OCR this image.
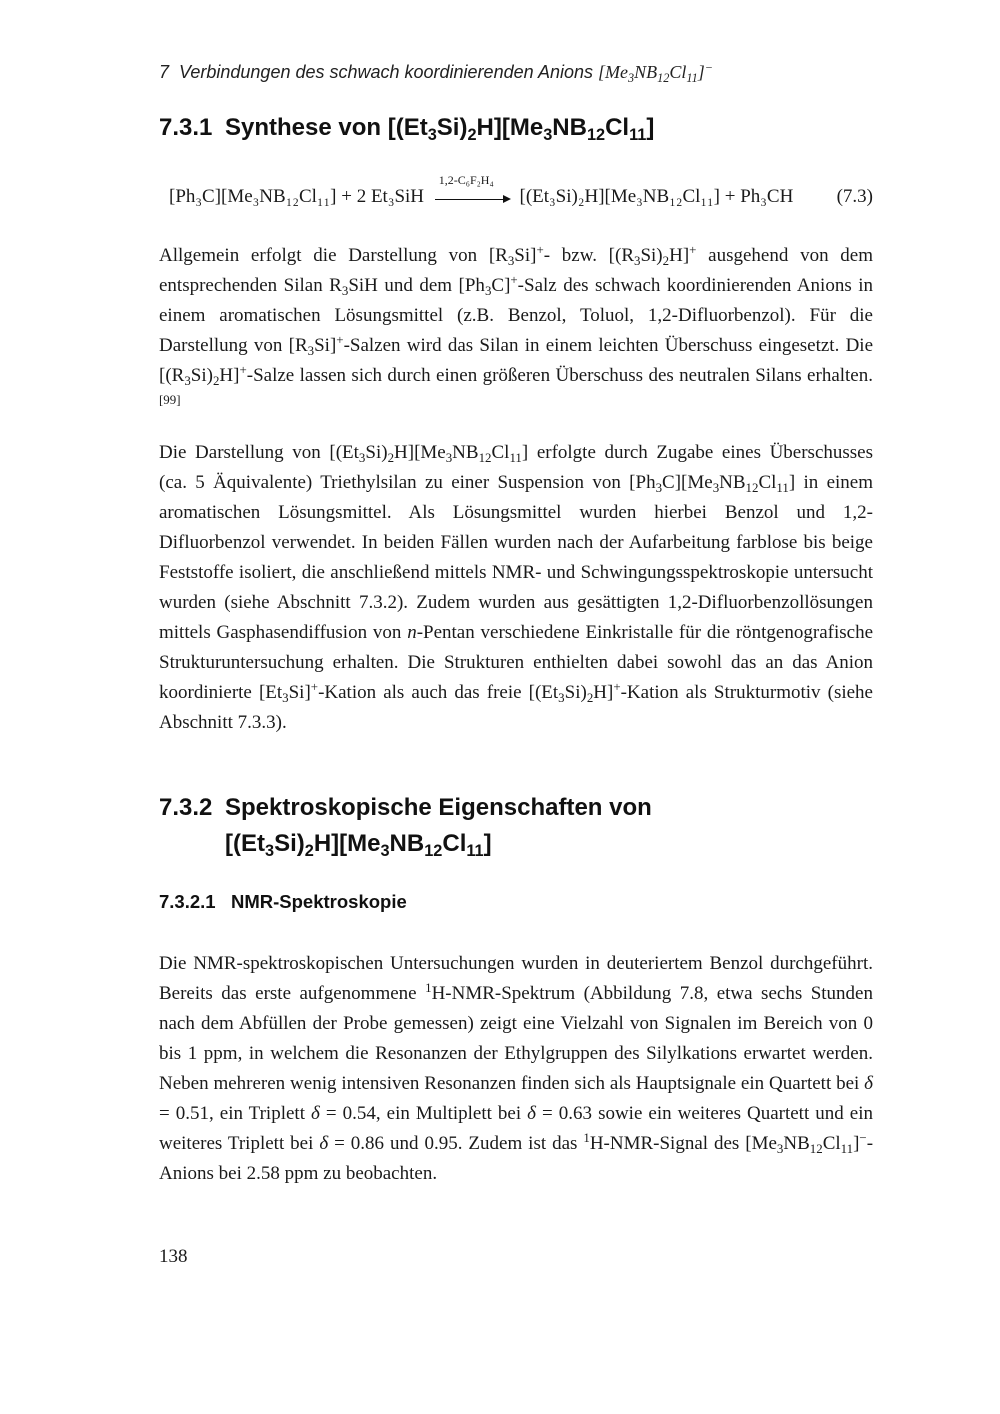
7 Verbindungen des schwach koordinierenden Anions $[Me_3NB_{12}Cl_{11}]^-$
7.3.1 Synthese von $[(Et_3Si)_2H][Me_3NB_{12}Cl_{11}]$
[Ph₃C][Me₃NB₁₂Cl₁₁] + 2 Et₃SiH
1,2-C₆F₂H₄
[(Et₃Si)₂H][Me₃NB₁₂Cl₁₁] + Ph₃CH (7.3)

Allgemein erfolgt die Darstellung von $[R_3Si]^+-$ bzw. $[(R_3Si)_2H]^+$ ausgehend von dem entsprechenden Silan $R_3SiH$ und dem $[Ph_3C]^+$-Salz des schwach koordinierenden Anions in einem aromatischen Lösungsmittel (z.B. Benzol, Toluol, 1,2-Difluorbenzol). Für die Darstellung von $[R_3Si]^+$-Salzen wird das Silan in einem leichten Überschuss eingesetzt. Die $[(R_3Si)_2H]^+$-Salze lassen sich durch einen größeren Überschuss des neutralen Silans erhalten.[99]

Die Darstellung von $[(Et_3Si)_2H][Me_3NB_{12}Cl_{11}]$ erfolgte durch Zugabe eines Überschusses (ca. 5 Äquivalente) Triethylsilan zu einer Suspension von $[Ph_3C][Me_3NB_{12}Cl_{11}]$ in einem aromatischen Lösungsmittel. Als Lösungsmittel wurden hierbei Benzol und 1,2-Difluorbenzol verwendet. In beiden Fällen wurden nach der Aufarbeitung farblose bis beige Feststoffe isoliert, die anschließend mittels NMR- und Schwingungsspektroskopie untersucht wurden (siehe Abschnitt 7.3.2). Zudem wurden aus gesättigten 1,2-Difluorbenzollösungen mittels Gasphasendiffusion von n-Pentan verschiedene Einkristalle für die röntgenografische Strukturuntersuchung erhalten. Die Strukturen enthielten dabei sowohl das an das Anion koordinierte $[Et_3Si]^+$-Kation als auch das freie $[(Et_3Si)_2H]^+$-Kation als Strukturmotiv (siehe Abschnitt 7.3.3).

7.3.2 Spektroskopische Eigenschaften von
$[(Et_3Si)_2H][Me_3NB_{12}Cl_{11}]$
7.3.2.1 NMR-Spektroskopie

Die NMR-spektroskopischen Untersuchungen wurden in deuteriertem Benzol durchgeführt. Bereits das erste aufgenommene $^1$H-NMR-Spektrum (Abbildung 7.8, etwa sechs Stunden nach dem Abfüllen der Probe gemessen) zeigt eine Vielzahl von Signalen im Bereich von 0 bis 1 ppm, in welchem die Resonanzen der Ethylgruppen des Silylkations erwartet werden. Neben mehreren wenig intensiven Resonanzen finden sich als Hauptsignale ein Quartett bei δ = 0.51, ein Triplett δ = 0.54, ein Multiplett bei δ = 0.63 sowie ein weiteres Quartett und ein weiteres Triplett bei δ = 0.86 und 0.95. Zudem ist das $^1$H-NMR-Signal des $[Me_3NB_{12}Cl_{11}]^-$-Anions bei 2.58 ppm zu beobachten.

138
